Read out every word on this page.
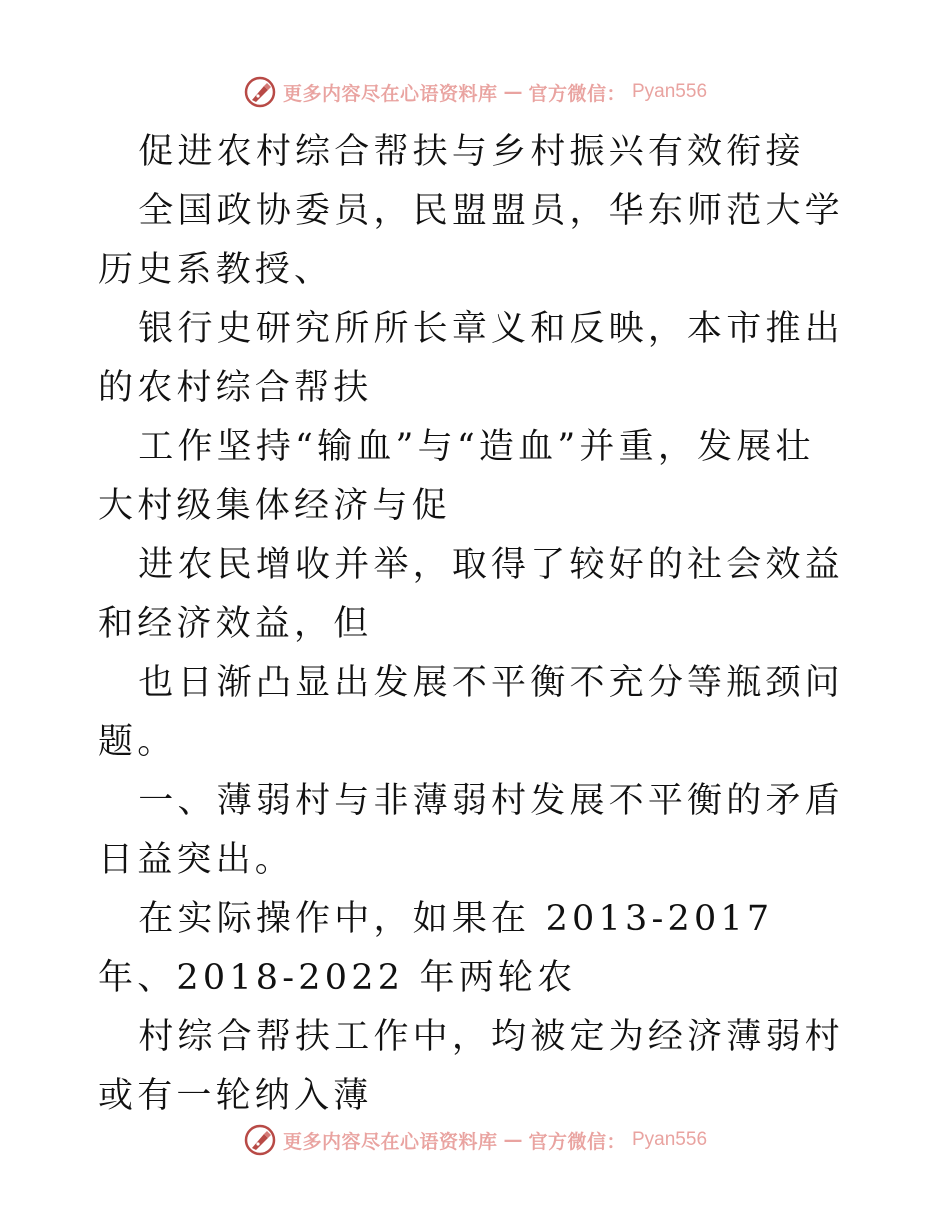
更多内容尽在心语资料库 — 官方微信： Pyan556

促进农村综合帮扶与乡村振兴有效衔接

全国政协委员，民盟盟员，华东师范大学历史系教授、

银行史研究所所长章义和反映，本市推出的农村综合帮扶

工作坚持“输血”与“造血”并重，发展壮大村级集体经济与促

进农民增收并举，取得了较好的社会效益和经济效益，但

也日渐凸显出发展不平衡不充分等瓶颈问题。

一、薄弱村与非薄弱村发展不平衡的矛盾日益突出。

在实际操作中，如果在 2013-2017 年、2018-2022 年两轮农

村综合帮扶工作中，均被定为经济薄弱村或有一轮纳入薄

更多内容尽在心语资料库 — 官方微信： Pyan556
